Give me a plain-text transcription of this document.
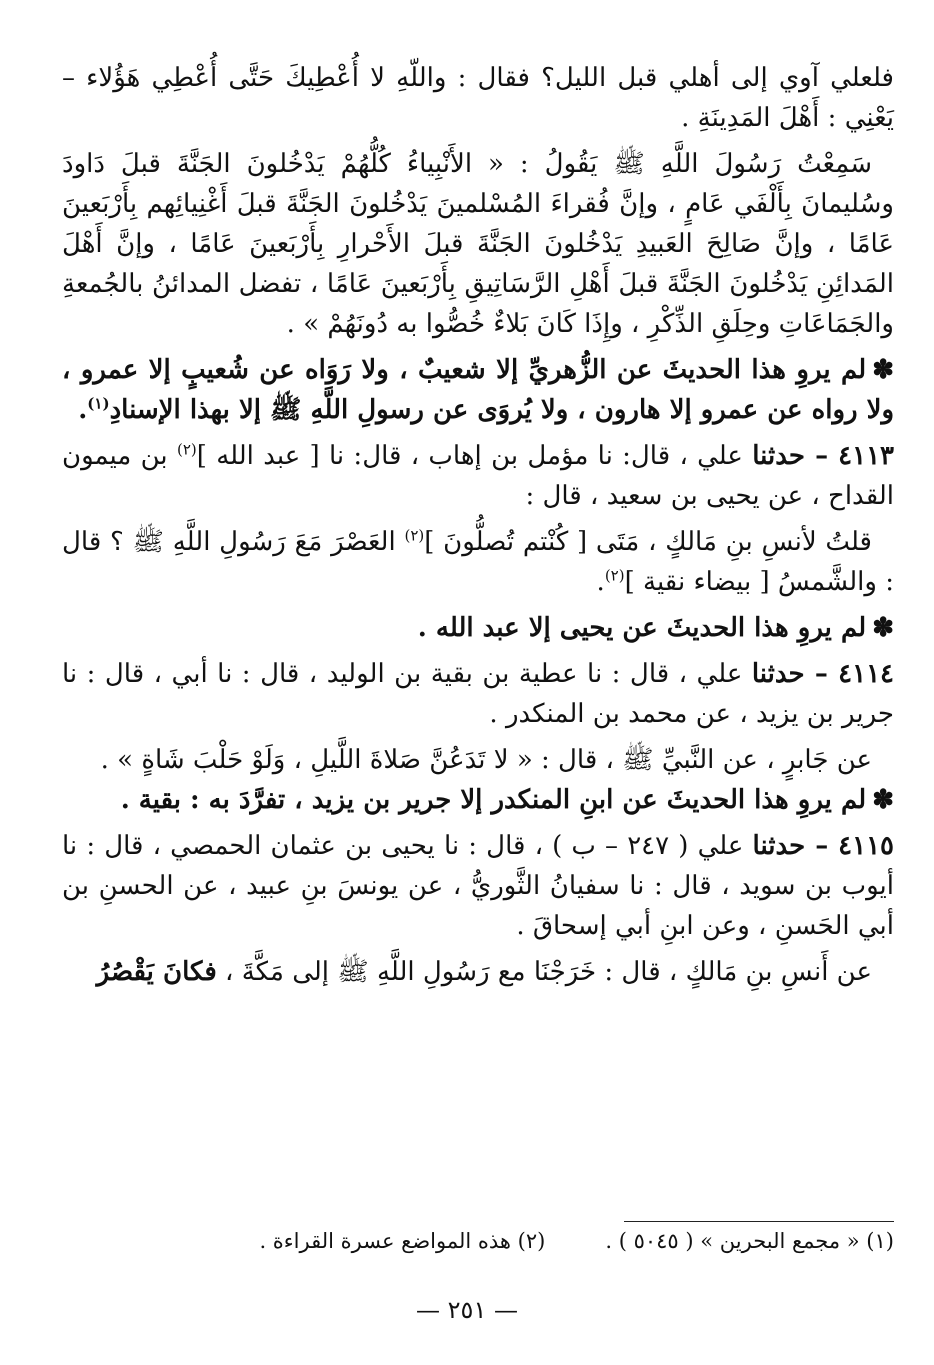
فلعلي آوي إلى أهلي قبل الليل؟ فقال : واللّهِ لا أُعْطِيكَ حَتَّى أُعْطِي هَؤُلاء – يَعْنِي : أَهْلَ المَدِينَةِ .

سَمِعْتُ رَسُولَ اللَّهِ ﷺ يَقُولُ : « الأَنْبِياءُ كُلُّهُمْ يَدْخُلونَ الجَنَّةَ قبلَ دَاودَ وسُليمانَ بِأَلْفَي عَامٍ ، وإنَّ فُقراءَ المُسْلمينَ يَدْخُلونَ الجَنَّةَ قبلَ أَغْنِيائِهم بِأَرْبَعينَ عَامًا ، وإنَّ صَالِحَ العَبيدِ يَدْخُلونَ الجَنَّةَ قبلَ الأَحْرارِ بِأَرْبَعينَ عَامًا ، وإنَّ أَهْلَ المَدائِنِ يَدْخُلونَ الجَنَّةَ قبلَ أَهْلِ الرَّسَاتِيقِ بِأَرْبَعينَ عَامًا ، تفضل المدائنُ بالجُمعةِ والجَمَاعَاتِ وحِلَقِ الذِّكْرِ ، وإِذَا كَانَ بَلاءٌ خُصُّوا به دُونَهُمْ » .

✽لم يروِ هذا الحديثَ عن الزُّهريِّ إلا شعيبٌ ، ولا رَوَاه عن شُعيبٍ إلا عمرو ، ولا رواه عن عمرو إلا هارون ، ولا يُروَى عن رسولِ اللَّهِ ﷺ إلا بهذا الإسنادِ$^{(١)}$.

٤١١٣ – حدثنا علي ، قال: نا مؤمل بن إهاب ، قال: نا [ عبد الله ]$^{(٢)}$ بن ميمون القداح ، عن يحيى بن سعيد ، قال :

قلتُ لأنسِ بنِ مَالكٍ ، مَتَى [ كُنْتم تُصلُّونَ ]$^{(٢)}$ العَصْرَ مَعَ رَسُولِ اللَّهِ ﷺ ؟ قال : والشَّمسُ [ بيضاء نقية ]$^{(٢)}$.

✽لم يروِ هذا الحديثَ عن يحيى إلا عبد الله .

٤١١٤ – حدثنا علي ، قال : نا عطية بن بقية بن الوليد ، قال : نا أبي ، قال : نا جرير بن يزيد ، عن محمد بن المنكدر .

عن جَابرٍ ، عن النَّبيِّ ﷺ ، قال : « لا تَدَعُنَّ صَلاةَ اللَّيلِ ، وَلَوْ حَلْبَ شَاةٍ » .

✽لم يروِ هذا الحديثَ عن ابنِ المنكدر إلا جرير بن يزيد ، تفرَّدَ به : بقية .

٤١١٥ – حدثنا علي ( ٢٤٧ – ب ) ، قال : نا يحيى بن عثمان الحمصي ، قال : نا أيوب بن سويد ، قال : نا سفيانُ الثَّوريُّ ، عن يونسَ بنِ عبيد ، عن الحسنِ بن أبي الحَسنِ ، وعن ابنِ أبي إسحاقَ .

عن أَنسِ بنِ مَالكٍ ، قال : خَرَجْنَا مع رَسُولِ اللَّهِ ﷺ إلى مَكَّةَ ، فكانَ يَقْصُرُ

(١) « مجمع البحرين » ( ٥٠٤٥ ) .
(٢) هذه المواضع عسرة القراءة .
— ٢٥١ —
